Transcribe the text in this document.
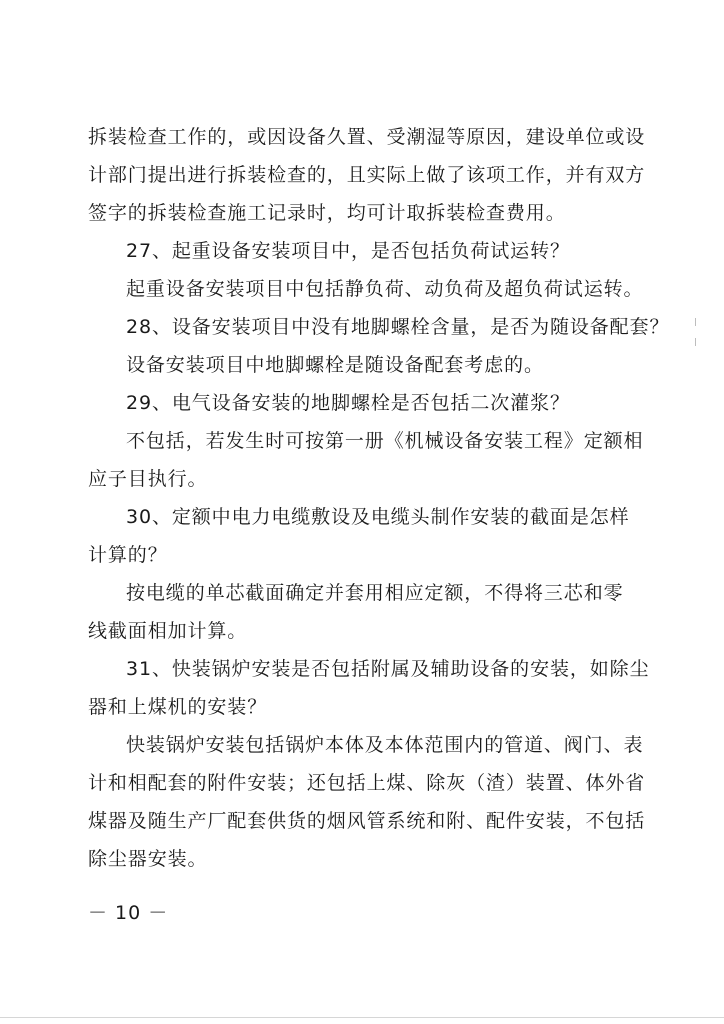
拆装检查工作的，或因设备久置、受潮湿等原因，建设单位或设
计部门提出进行拆装检查的，且实际上做了该项工作，并有双方
签字的拆装检查施工记录时，均可计取拆装检查费用。
27、起重设备安装项目中，是否包括负荷试运转？
起重设备安装项目中包括静负荷、动负荷及超负荷试运转。
28、设备安装项目中没有地脚螺栓含量，是否为随设备配套？
设备安装项目中地脚螺栓是随设备配套考虑的。
29、电气设备安装的地脚螺栓是否包括二次灌浆？
不包括，若发生时可按第一册《机械设备安装工程》定额相
应子目执行。
30、定额中电力电缆敷设及电缆头制作安装的截面是怎样
计算的？
按电缆的单芯截面确定并套用相应定额，不得将三芯和零
线截面相加计算。
31、快装锅炉安装是否包括附属及辅助设备的安装，如除尘
器和上煤机的安装？
快装锅炉安装包括锅炉本体及本体范围内的管道、阀门、表
计和相配套的附件安装；还包括上煤、除灰（渣）装置、体外省
煤器及随生产厂配套供货的烟风管系统和附、配件安装，不包括
除尘器安装。
－ 10 －
